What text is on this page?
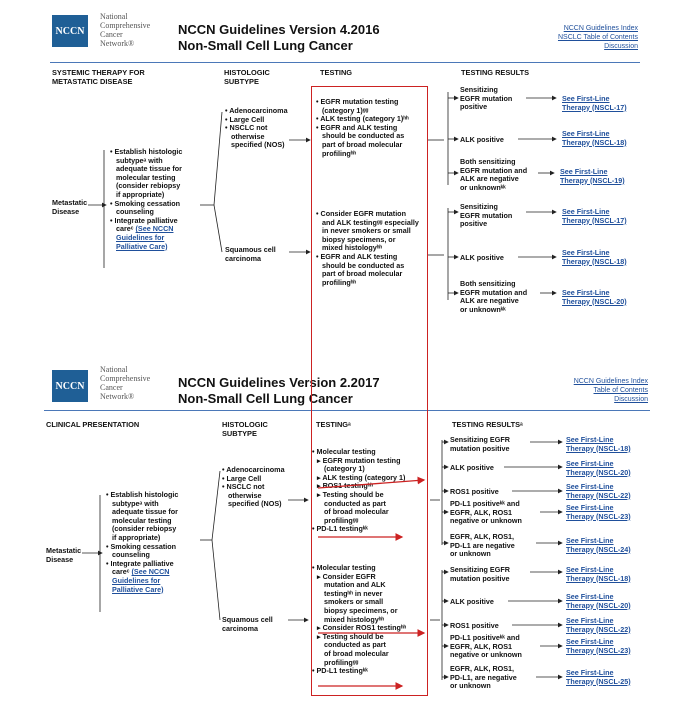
NCCN
National
Comprehensive
Cancer
Network®
NCCN Guidelines Version 4.2016
Non-Small Cell Lung Cancer
NCCN Guidelines Index
NSCLC Table of Contents
Discussion
SYSTEMIC THERAPY FOR
METASTATIC DISEASE
HISTOLOGIC
SUBTYPE
TESTING	TESTING RESULTS
Metastatic
Disease
• Establish histologic
subtypeᵃ with
adequate tissue for
molecular testing
(consider rebiopsy
if appropriate)
• Smoking cessation
counseling
• Integrate palliative
careᶜ (See NCCN
Guidelines for
Palliative Care)
• Adenocarcinoma
• Large Cell
• NSCLC not
otherwise
specified (NOS)
Squamous cell
carcinoma
• EGFR mutation testing
(category 1)ᵍᵍ
• ALK testing (category 1)ʰʰ
• EGFR and ALK testing
should be conducted as
part of broad molecular
profilingʰʰ
• Consider EGFR mutation
and ALK testingᵍᵍ especially
in never smokers or small
biopsy specimens, or
mixed histologyʰʰ
• EGFR and ALK testing
should be conducted as
part of broad molecular
profilingʰʰ
Sensitizing
EGFR mutation
positive
See First-Line
Therapy (NSCL-17)
ALK positive
See First-Line
Therapy (NSCL-18)
Both sensitizing
EGFR mutation and
ALK are negative
or unknownᵏᵏ
See First-Line
Therapy (NSCL-19)
Sensitizing
EGFR mutation
positive
See First-Line
Therapy (NSCL-17)
ALK positive
See First-Line
Therapy (NSCL-18)
Both sensitizing
EGFR mutation and
ALK are negative
or unknownᵏᵏ
See First-Line
Therapy (NSCL-20)
NCCN
National
Comprehensive
Cancer
Network®
NCCN Guidelines Version 2.2017
Non-Small Cell Lung Cancer
NCCN Guidelines Index
Table of Contents
Discussion
CLINICAL PRESENTATION	HISTOLOGIC
SUBTYPE
TESTINGᵃ	TESTING RESULTSᵃ
Metastatic
Disease
• Establish histologic
subtypeᵃ with
adequate tissue for
molecular testing
(consider rebiopsy
if appropriate)
• Smoking cessation
counseling
• Integrate palliative
careᶜ (See NCCN
Guidelines for
Palliative Care)
• Adenocarcinoma
• Large Cell
• NSCLC not
otherwise
specified (NOS)
Squamous cell
carcinoma
• Molecular testing
▸ EGFR mutation testing
(category 1)
▸ ALK testing (category 1)
▸ ROS1 testingʰʰ
▸ Testing should be
conducted as part
of broad molecular
profilingᵍᵍ
• PD-L1 testingᵏᵏ
• Molecular testing
▸ Consider EGFR
mutation and ALK
testingʰʰ in never
smokers or small
biopsy specimens, or
mixed histologyʰʰ
▸ Consider ROS1 testingʰʰ
▸ Testing should be
conducted as part
of broad molecular
profilingᵍᵍ
• PD-L1 testingᵏᵏ
Sensitizing EGFR
mutation positive
See First-Line
Therapy (NSCL-18)
ALK positive	See First-Line
Therapy (NSCL-20)
ROS1 positive
See First-Line
Therapy (NSCL-22)
PD-L1 positiveᵏᵏ and
EGFR, ALK, ROS1
negative or unknown
See First-Line
Therapy (NSCL-23)
EGFR, ALK, ROS1,
PD-L1 are negative
or unknown
See First-Line
Therapy (NSCL-24)
Sensitizing EGFR
mutation positive
See First-Line
Therapy (NSCL-18)
ALK positive
See First-Line
Therapy (NSCL-20)
ROS1 positive
See First-Line
Therapy (NSCL-22)
PD-L1 positiveᵏᵏ and
EGFR, ALK, ROS1
negative or unknown
See First-Line
Therapy (NSCL-23)
EGFR, ALK, ROS1,
PD-L1, are negative
or unknown
See First-Line
Therapy (NSCL-25)
